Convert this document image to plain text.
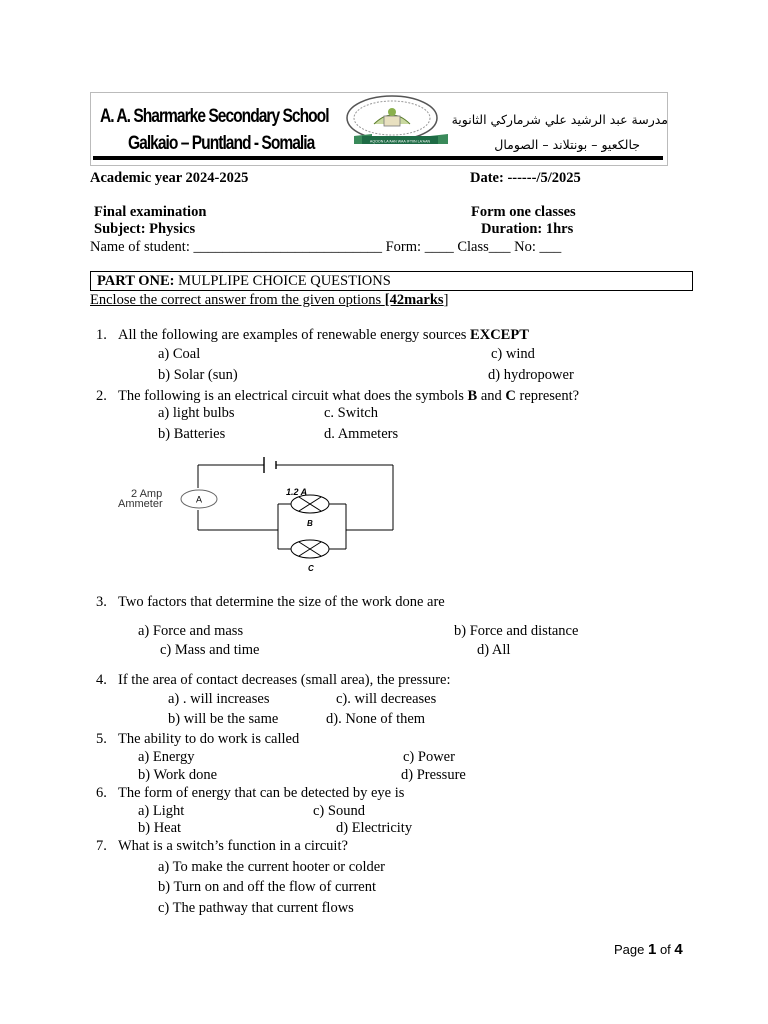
A. A. Sharmarke Secondary School
Galkaio – Puntland - Somalia	AQOON LA'AAN WAA IFTIIN LA'AAN
مدرسة عبد الرشيد علي شرماركي الثانوية
جالكعيو – بونتلاند – الصومال
Academic year 2024-2025	Date: ------/5/2025
Final examination	Form one classes
Subject: Physics	Duration: 1hrs
Name of student: __________________________ Form: ____ Class___ No: ___
PART ONE: MULPLIPE CHOICE QUESTIONS
Enclose the correct answer from the given options [42marks]
1. All the following are examples of renewable energy sources EXCEPT
a) Coal	c) wind
b) Solar (sun)	d) hydropower
2. The following is an electrical circuit what does the symbols B and C represent?
a) light bulbs	c. Switch
b) Batteries	d. Ammeters
A
2 Amp
Ammeter
1.2 A
B
C
3. Two factors that determine the size of the work done are
a) Force and mass	b) Force and distance
c) Mass and time	d) All
4. If the area of contact decreases (small area), the pressure:
a) . will increases	c). will decreases
b) will be the same	d). None of them
5. The ability to do work is called
a) Energy	c) Power
b) Work done	d) Pressure
6. The form of energy that can be detected by eye is
a) Light	c) Sound
b) Heat	d) Electricity
7. What is a switch’s function in a circuit?
a) To make the current hooter or colder
b) Turn on and off the flow of current
c) The pathway that current flows
Page 1 of 4
